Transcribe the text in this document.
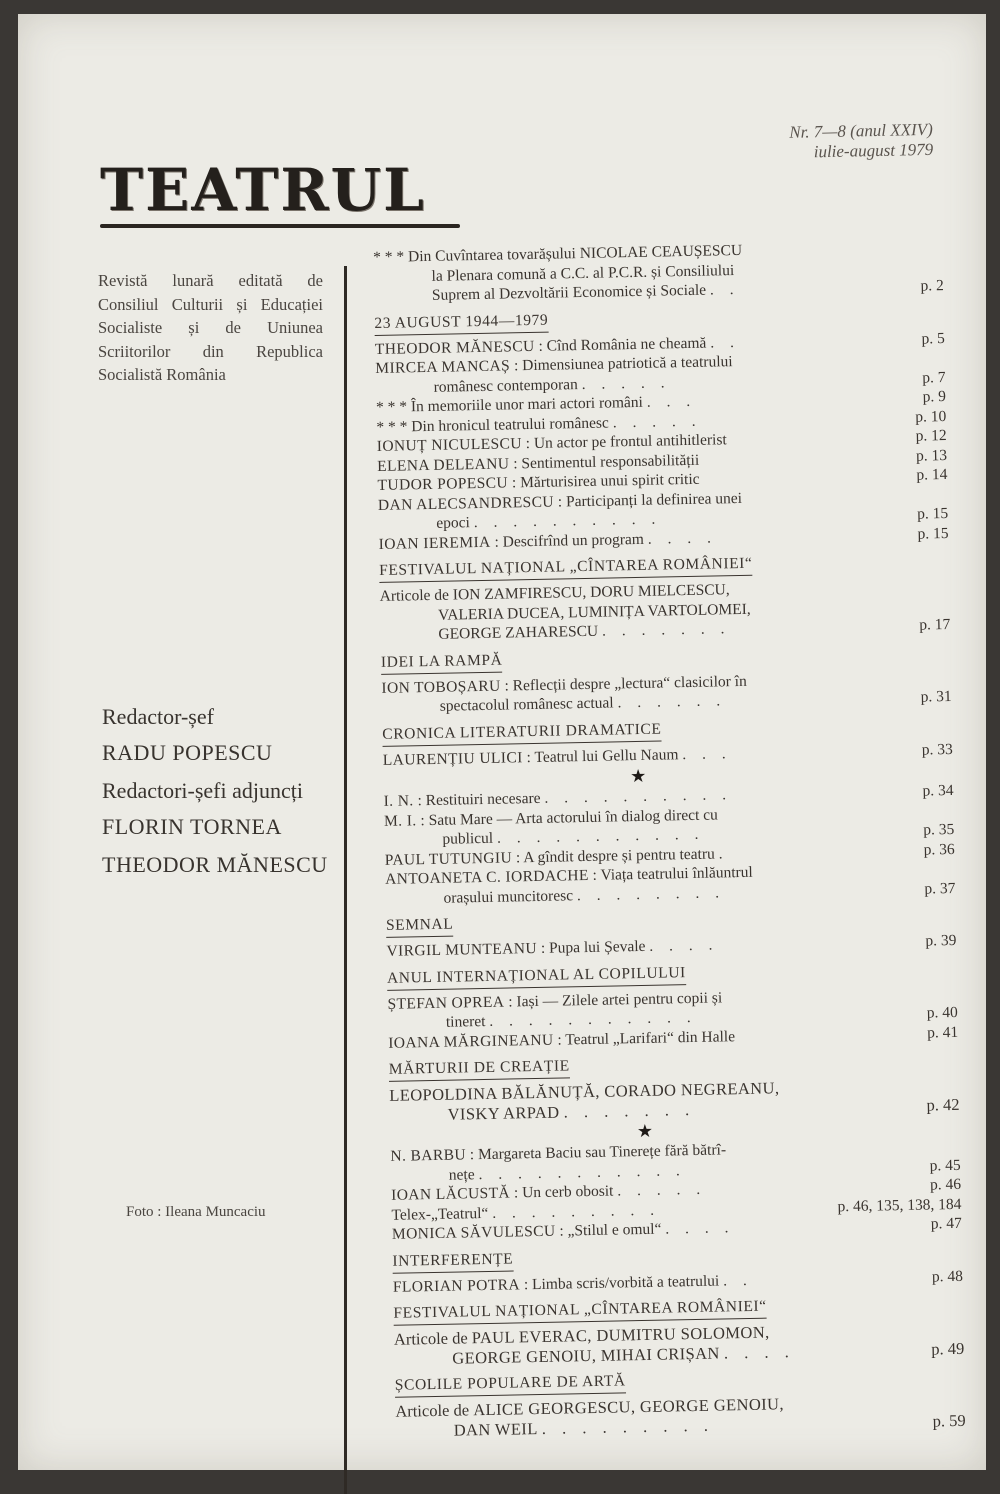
Nr. 7—8 (anul XXIV)
iulie-august 1979
TEATRUL
Revistă lunară editată de Consiliul Culturii și Educației Socialiste și de Uniunea Scriitorilor din Republica Socialistă România
Redactor-șef
RADU POPESCU
Redactori-șefi adjuncți
FLORIN TORNEA
THEODOR MĂNESCU
Foto : Ileana Muncaciu
* * * Din Cuvîntarea tovarășului NICOLAE CEAUȘESCU

la Plenara comună a C.C. al P.C.R. și Consiliului
Suprem al Dezvoltării Economice și Sociale . .	p. 2
23 AUGUST 1944—1979
THEODOR MĂNESCU : Cînd România ne cheamă . .	p. 5
MIRCEA MANCAȘ : Dimensiunea patriotică a teatrului

românesc contemporan . . . . .	p. 7
* * * În memoriile unor mari actori români . . .	p. 9
* * * Din hronicul teatrului românesc . . . . .	p. 10
IONUȚ NICULESCU : Un actor pe frontul antihitlerist	p. 12
ELENA DELEANU : Sentimentul responsabilității	p. 13
TUDOR POPESCU : Mărturisirea unui spirit critic	p. 14
DAN ALECSANDRESCU : Participanți la definirea unei

epoci . . . . . . . . . .	p. 15
IOAN IEREMIA : Descifrînd un program . . . .	p. 15
FESTIVALUL NAȚIONAL „CÎNTAREA ROMÂNIEI“
Articole de ION ZAMFIRESCU, DORU MIELCESCU,

VALERIA DUCEA, LUMINIȚA VARTOLOMEI,
GEORGE ZAHARESCU . . . . . . .	p. 17
IDEI LA RAMPĂ
ION TOBOȘARU : Reflecții despre „lectura“ clasicilor în

spectacolul românesc actual . . . . . .	p. 31
CRONICA LITERATURII DRAMATICE
LAURENȚIU ULICI : Teatrul lui Gellu Naum . . .	p. 33
★
I. N. : Restituiri necesare . . . . . . . . . .	p. 34
M. I. : Satu Mare — Arta actorului în dialog direct cu

publicul . . . . . . . . . . .	p. 35
PAUL TUTUNGIU : A gîndit despre și pentru teatru .	p. 36
ANTOANETA C. IORDACHE : Viața teatrului înlăuntrul

orașului muncitoresc . . . . . . . .	p. 37
SEMNAL
VIRGIL MUNTEANU : Pupa lui Șevale . . . .	p. 39
ANUL INTERNAȚIONAL AL COPILULUI
ȘTEFAN OPREA : Iași — Zilele artei pentru copii și

tineret . . . . . . . . . . .	p. 40
IOANA MĂRGINEANU : Teatrul „Larifari“ din Halle	p. 41
MĂRTURII DE CREAȚIE
LEOPOLDINA BĂLĂNUȚĂ, CORADO NEGREANU,

VISKY ARPAD . . . . . . .	p. 42
★
N. BARBU : Margareta Baciu sau Tinerețe fără bătrî-

nețe . . . . . . . . . . .	p. 45
IOAN LĂCUSTĂ : Un cerb obosit . . . . .	p. 46
Telex-„Teatrul“ . . . . . . . . .	p. 46, 135, 138, 184
MONICA SĂVULESCU : „Stilul e omul“ . . . .	p. 47
INTERFERENȚE
FLORIAN POTRA : Limba scris/vorbită a teatrului . .	p. 48
FESTIVALUL NAȚIONAL „CÎNTAREA ROMÂNIEI“
Articole de PAUL EVERAC, DUMITRU SOLOMON,

GEORGE GENOIU, MIHAI CRIȘAN . . . .	p. 49
ȘCOLILE POPULARE DE ARTĂ
Articole de ALICE GEORGESCU, GEORGE GENOIU,

DAN WEIL . . . . . . . . .	p. 59
